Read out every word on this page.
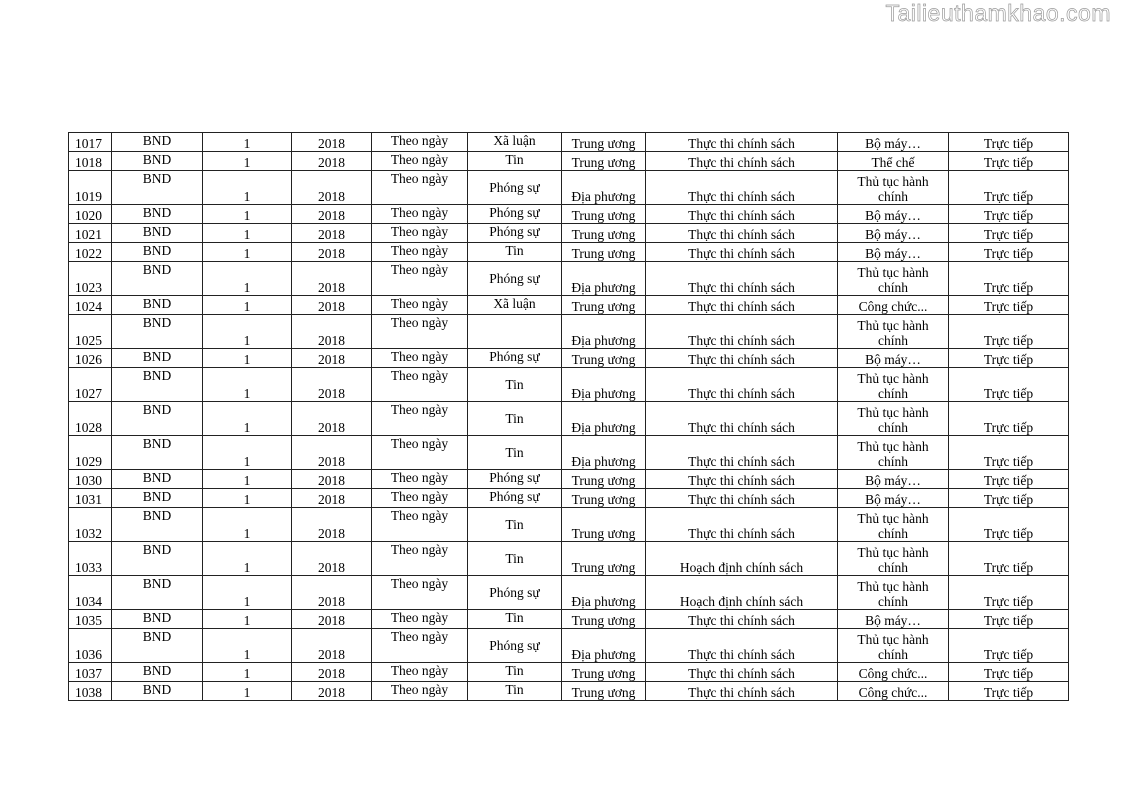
Tailieuthamkhao.com
1017	BND	1	2018	Theo ngày	Xã luận	Trung ương	Thực thi chính sách	Bộ máy…	Trực tiếp
1018	BND	1	2018	Theo ngày	Tin	Trung ương	Thực thi chính sách	Thể chế	Trực tiếp
1019	BND	1	2018	Theo ngày	Phóng sự	Địa phương	Thực thi chính sách	Thủ tục hành chính	Trực tiếp
1020	BND	1	2018	Theo ngày	Phóng sự	Trung ương	Thực thi chính sách	Bộ máy…	Trực tiếp
1021	BND	1	2018	Theo ngày	Phóng sự	Trung ương	Thực thi chính sách	Bộ máy…	Trực tiếp
1022	BND	1	2018	Theo ngày	Tin	Trung ương	Thực thi chính sách	Bộ máy…	Trực tiếp
1023	BND	1	2018	Theo ngày	Phóng sự	Địa phương	Thực thi chính sách	Thủ tục hành chính	Trực tiếp
1024	BND	1	2018	Theo ngày	Xã luận	Trung ương	Thực thi chính sách	Công chức...	Trực tiếp
1025	BND	1	2018	Theo ngày		Địa phương	Thực thi chính sách	Thủ tục hành chính	Trực tiếp
1026	BND	1	2018	Theo ngày	Phóng sự	Trung ương	Thực thi chính sách	Bộ máy…	Trực tiếp
1027	BND	1	2018	Theo ngày	Tin	Địa phương	Thực thi chính sách	Thủ tục hành chính	Trực tiếp
1028	BND	1	2018	Theo ngày	Tin	Địa phương	Thực thi chính sách	Thủ tục hành chính	Trực tiếp
1029	BND	1	2018	Theo ngày	Tin	Địa phương	Thực thi chính sách	Thủ tục hành chính	Trực tiếp
1030	BND	1	2018	Theo ngày	Phóng sự	Trung ương	Thực thi chính sách	Bộ máy…	Trực tiếp
1031	BND	1	2018	Theo ngày	Phóng sự	Trung ương	Thực thi chính sách	Bộ máy…	Trực tiếp
1032	BND	1	2018	Theo ngày	Tin	Trung ương	Thực thi chính sách	Thủ tục hành chính	Trực tiếp
1033	BND	1	2018	Theo ngày	Tin	Trung ương	Hoạch định chính sách	Thủ tục hành chính	Trực tiếp
1034	BND	1	2018	Theo ngày	Phóng sự	Địa phương	Hoạch định chính sách	Thủ tục hành chính	Trực tiếp
1035	BND	1	2018	Theo ngày	Tin	Trung ương	Thực thi chính sách	Bộ máy…	Trực tiếp
1036	BND	1	2018	Theo ngày	Phóng sự	Địa phương	Thực thi chính sách	Thủ tục hành chính	Trực tiếp
1037	BND	1	2018	Theo ngày	Tin	Trung ương	Thực thi chính sách	Công chức...	Trực tiếp
1038	BND	1	2018	Theo ngày	Tin	Trung ương	Thực thi chính sách	Công chức...	Trực tiếp
